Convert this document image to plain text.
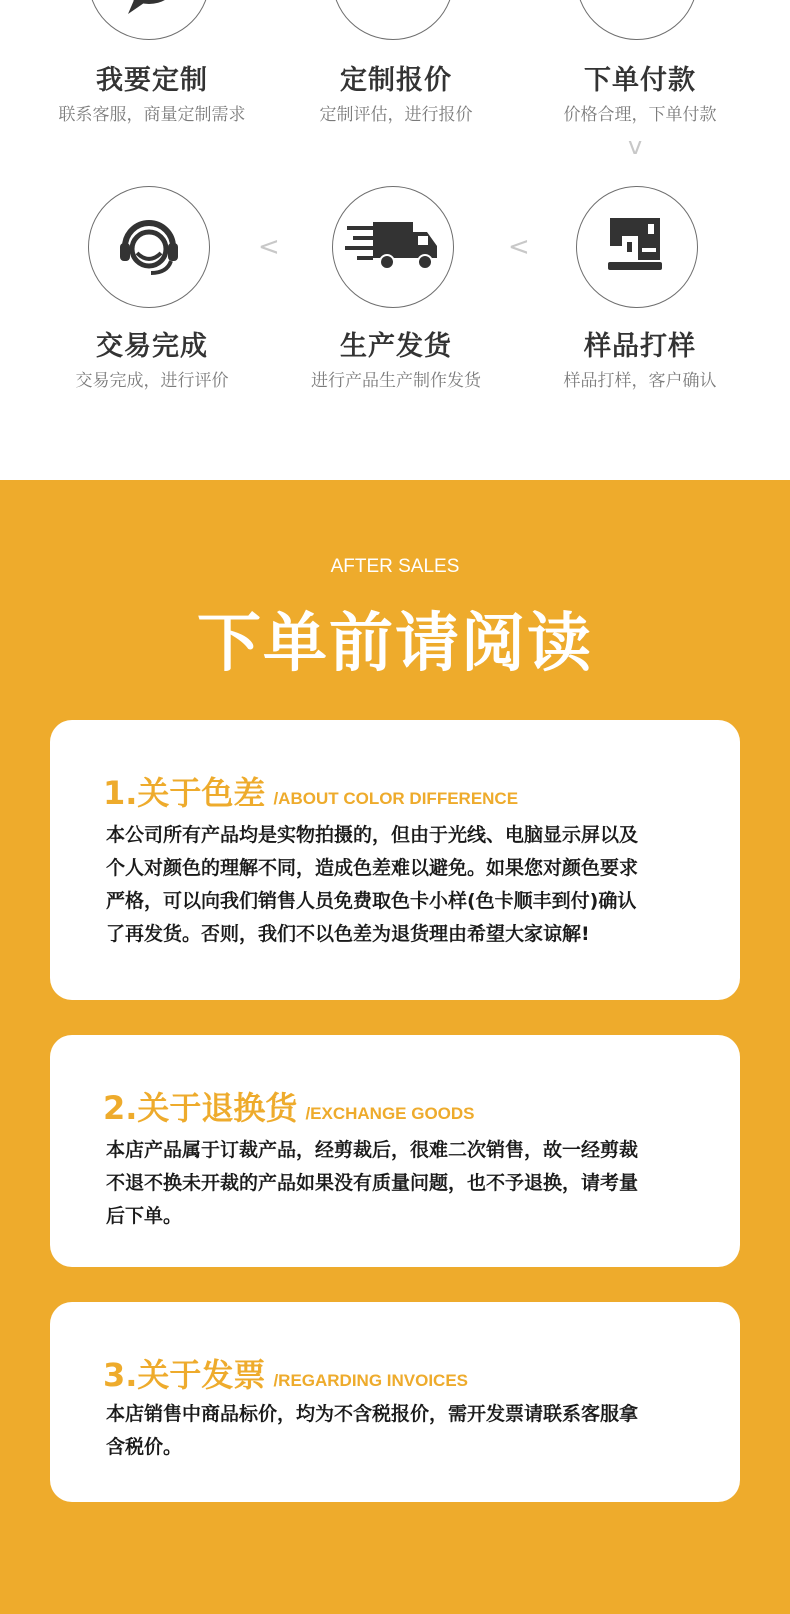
我要定制
联系客服，商量定制需求
定制报价
定制评估，进行报价
下单付款
价格合理，下单付款
v
<	<
交易完成
交易完成，进行评价
生产发货
进行产品生产制作发货
样品打样
样品打样，客户确认
AFTER SALES
下单前请阅读
1.关于色差 /ABOUT COLOR DIFFERENCE
本公司所有产品均是实物拍摄的，但由于光线、电脑显示屏以及
个人对颜色的理解不同，造成色差难以避免。如果您对颜色要求
严格，可以向我们销售人员免费取色卡小样(色卡顺丰到付)确认
了再发货。否则，我们不以色差为退货理由希望大家谅解!
2.关于退换货 /EXCHANGE GOODS
本店产品属于订裁产品，经剪裁后，很难二次销售，故一经剪裁
不退不换未开裁的产品如果没有质量问题，也不予退换，请考量
后下单。
3.关于发票 /REGARDING INVOICES
本店销售中商品标价，均为不含税报价，需开发票请联系客服拿
含税价。
